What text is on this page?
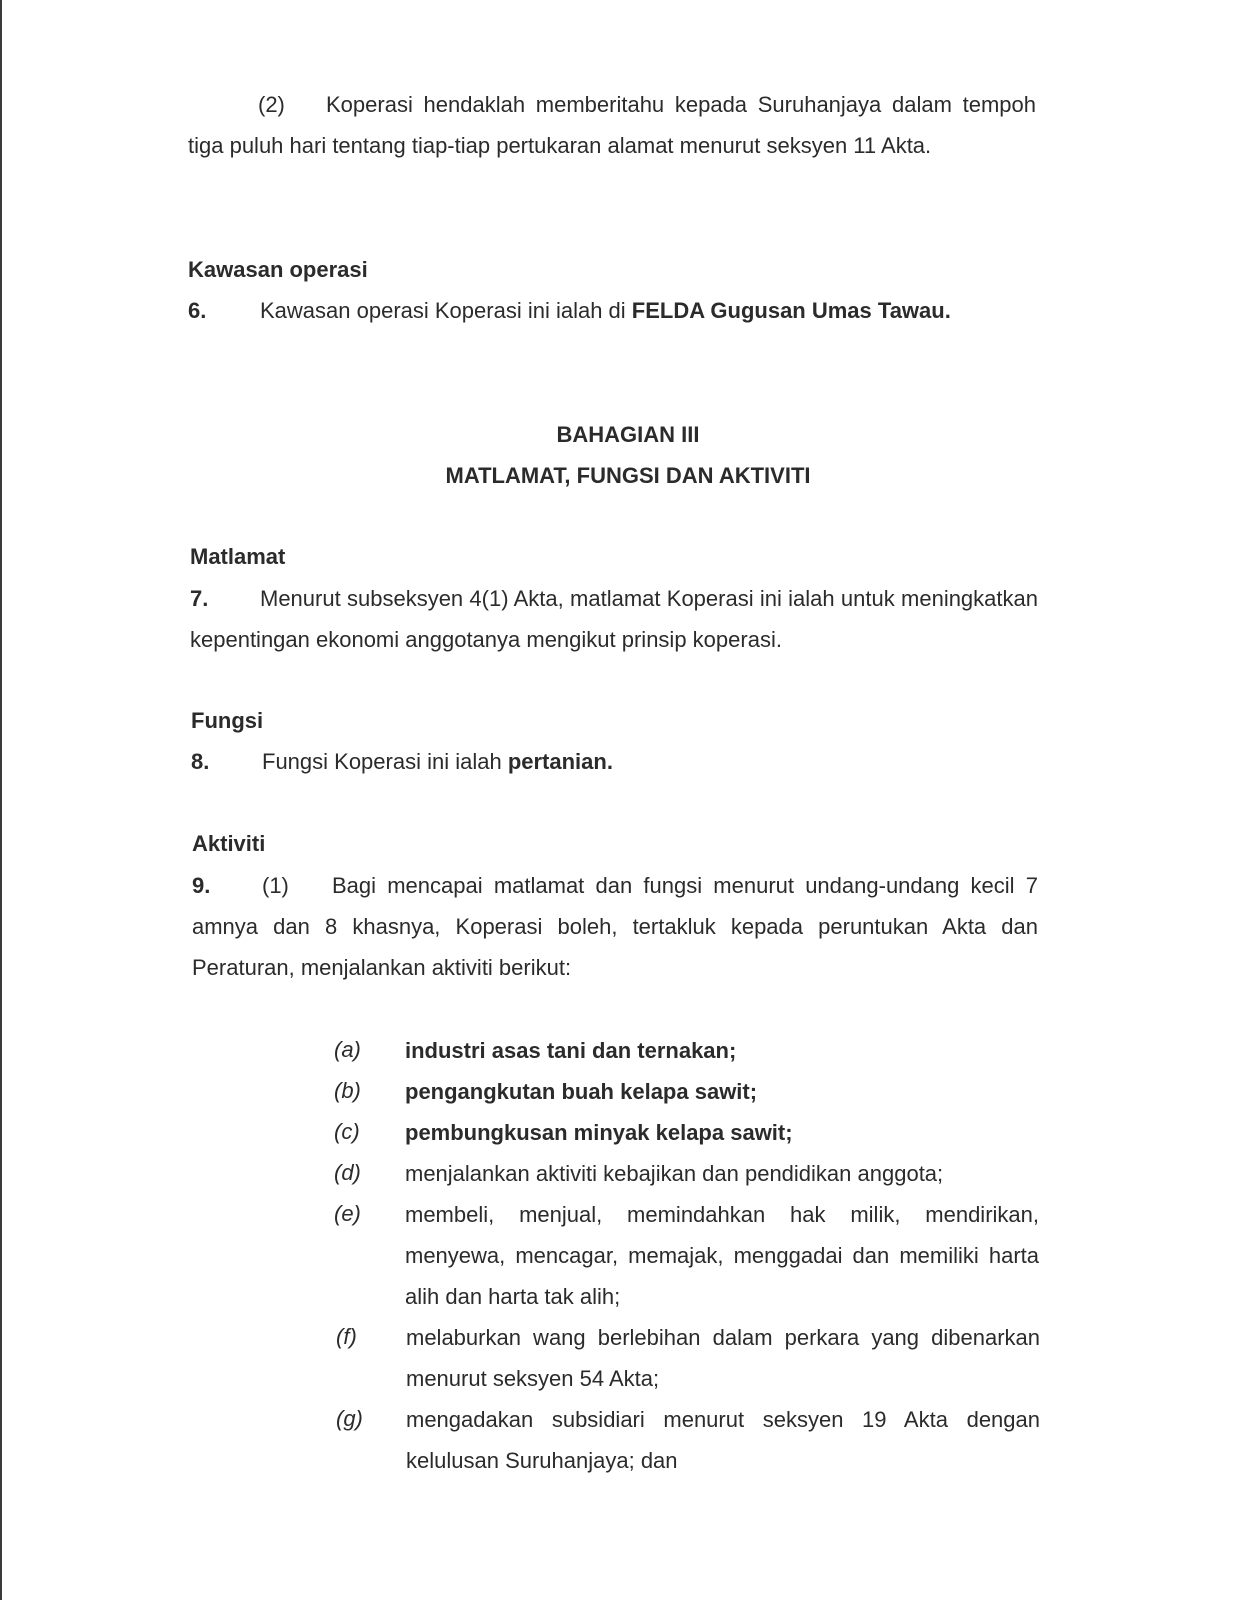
(2) Koperasi hendaklah memberitahu kepada Suruhanjaya dalam tempoh tiga puluh hari tentang tiap-tiap pertukaran alamat menurut seksyen 11 Akta.
Kawasan operasi
6. Kawasan operasi Koperasi ini ialah di FELDA Gugusan Umas Tawau.
BAHAGIAN III
MATLAMAT, FUNGSI DAN AKTIVITI
Matlamat
7. Menurut subseksyen 4(1) Akta, matlamat Koperasi ini ialah untuk meningkatkan kepentingan ekonomi anggotanya mengikut prinsip koperasi.
Fungsi
8. Fungsi Koperasi ini ialah pertanian.
Aktiviti
9. (1) Bagi mencapai matlamat dan fungsi menurut undang-undang kecil 7 amnya dan 8 khasnya, Koperasi boleh, tertakluk kepada peruntukan Akta dan Peraturan, menjalankan aktiviti berikut:
(a) industri asas tani dan ternakan;
(b) pengangkutan buah kelapa sawit;
(c) pembungkusan minyak kelapa sawit;
(d) menjalankan aktiviti kebajikan dan pendidikan anggota;
(e) membeli, menjual, memindahkan hak milik, mendirikan, menyewa, mencagar, memajak, menggadai dan memiliki harta alih dan harta tak alih;
(f) melaburkan wang berlebihan dalam perkara yang dibenarkan menurut seksyen 54 Akta;
(g) mengadakan subsidiari menurut seksyen 19 Akta dengan kelulusan Suruhanjaya; dan
